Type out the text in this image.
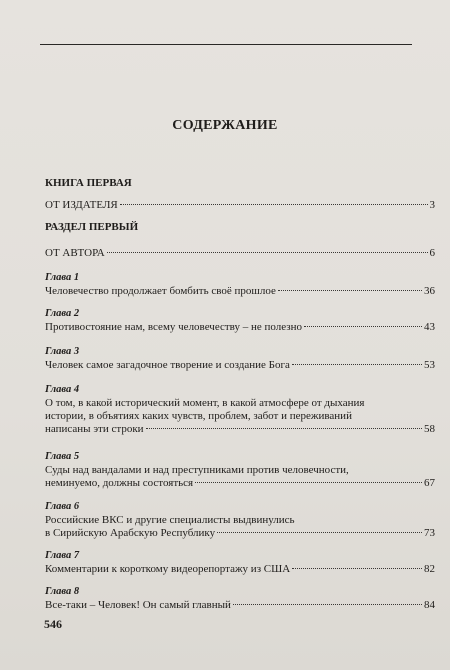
СОДЕРЖАНИЕ
КНИГА ПЕРВАЯ
ОТ ИЗДАТЕЛЯ	3
РАЗДЕЛ ПЕРВЫЙ
ОТ АВТОРА	6
Глава 1
Человечество продолжает бомбить своё прошлое	36
Глава 2
Противостояние нам, всему человечеству – не полезно	43
Глава 3
Человек самое загадочное творение и создание Бога	53
Глава 4
О том, в какой исторический момент, в какой атмосфере от дыхания
истории, в объятиях каких чувств, проблем, забот и переживаний
написаны эти строки	58
Глава 5
Суды над вандалами и над преступниками против человечности,
неминуемо, должны состояться	67
Глава 6
Российские ВКС и другие специалисты выдвинулись
в Сирийскую Арабскую Республику	73
Глава 7
Комментарии к короткому видеорепортажу из США	82
Глава 8
Все-таки – Человек! Он самый главный	84
546
